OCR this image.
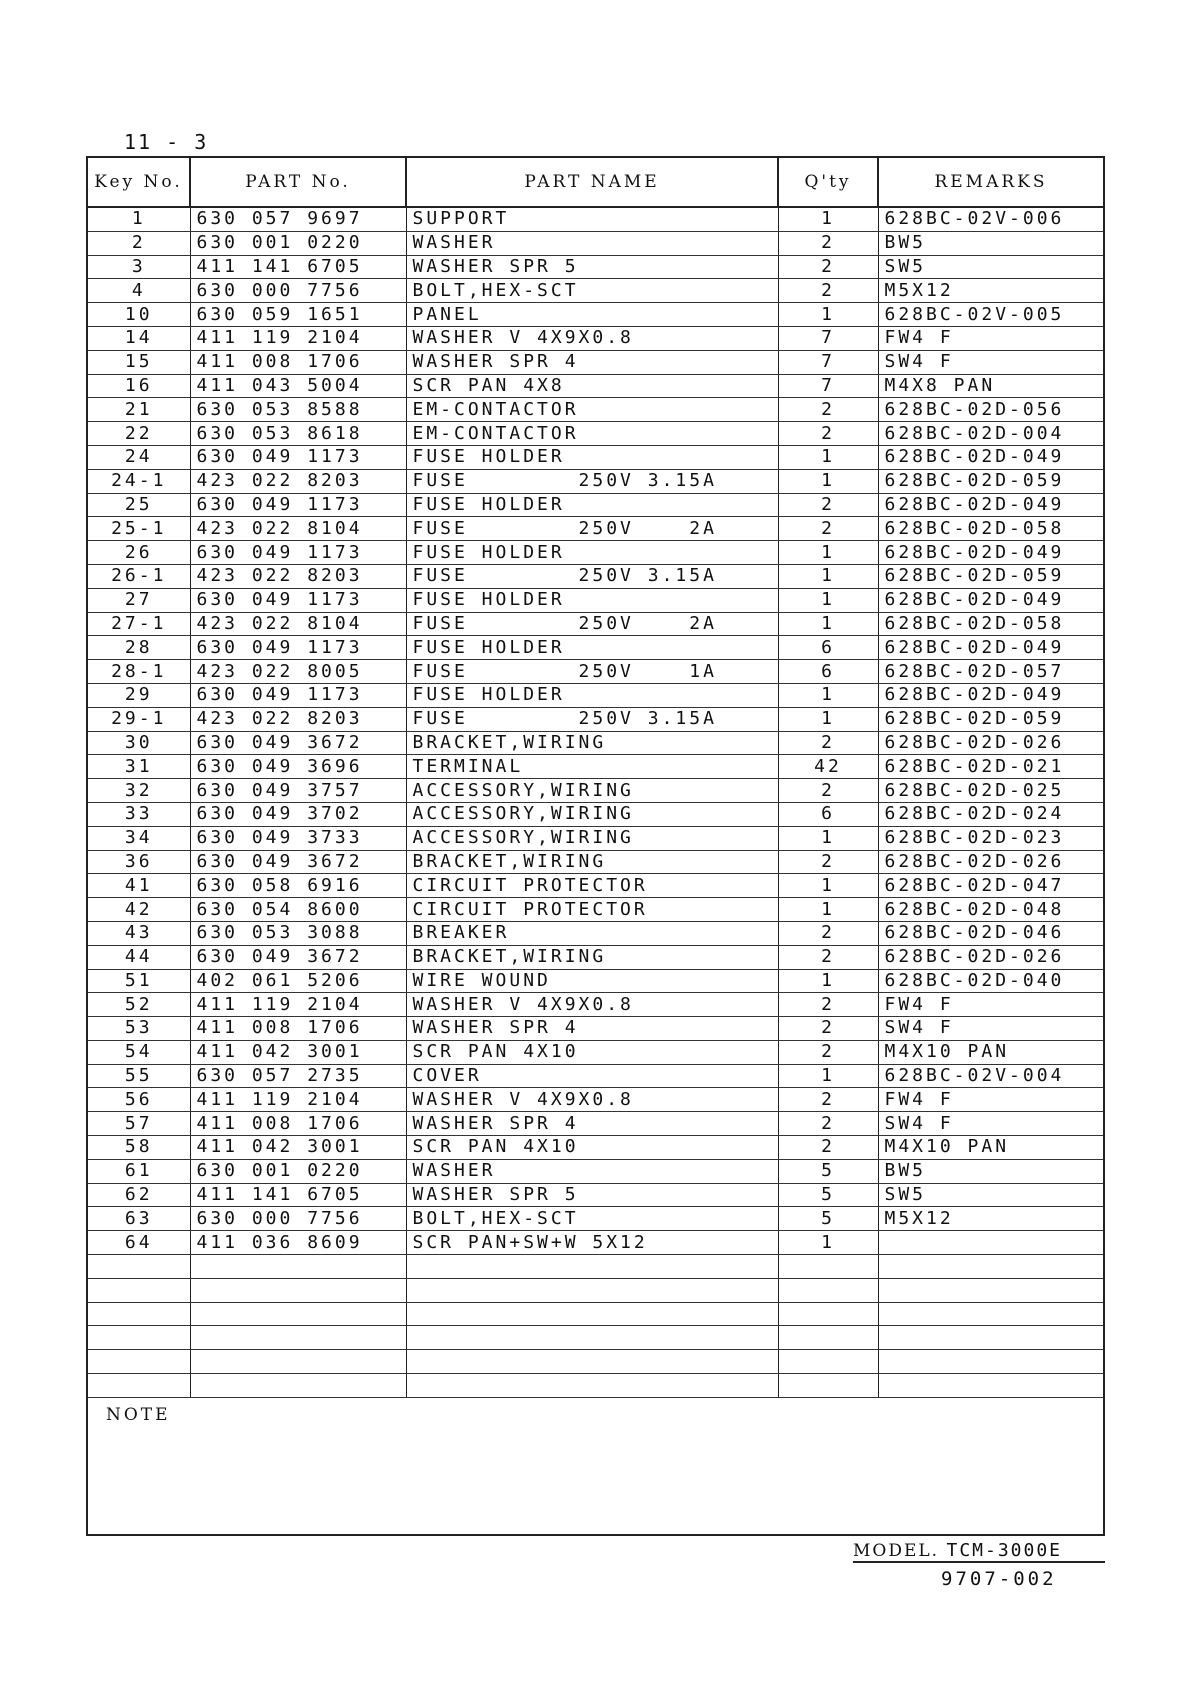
11 - 3
Key No.	PART No.	PART NAME	Q'ty	REMARKS
1	630 057 9697	SUPPORT	1	628BC-02V-006
2	630 001 0220	WASHER	2	BW5
3	411 141 6705	WASHER SPR 5	2	SW5
4	630 000 7756	BOLT,HEX-SCT	2	M5X12
10	630 059 1651	PANEL	1	628BC-02V-005
14	411 119 2104	WASHER V 4X9X0.8	7	FW4 F
15	411 008 1706	WASHER SPR 4	7	SW4 F
16	411 043 5004	SCR PAN 4X8	7	M4X8 PAN
21	630 053 8588	EM-CONTACTOR	2	628BC-02D-056
22	630 053 8618	EM-CONTACTOR	2	628BC-02D-004
24	630 049 1173	FUSE HOLDER	1	628BC-02D-049
24-1	423 022 8203	FUSE        250V 3.15A	1	628BC-02D-059
25	630 049 1173	FUSE HOLDER	2	628BC-02D-049
25-1	423 022 8104	FUSE        250V    2A	2	628BC-02D-058
26	630 049 1173	FUSE HOLDER	1	628BC-02D-049
26-1	423 022 8203	FUSE        250V 3.15A	1	628BC-02D-059
27	630 049 1173	FUSE HOLDER	1	628BC-02D-049
27-1	423 022 8104	FUSE        250V    2A	1	628BC-02D-058
28	630 049 1173	FUSE HOLDER	6	628BC-02D-049
28-1	423 022 8005	FUSE        250V    1A	6	628BC-02D-057
29	630 049 1173	FUSE HOLDER	1	628BC-02D-049
29-1	423 022 8203	FUSE        250V 3.15A	1	628BC-02D-059
30	630 049 3672	BRACKET,WIRING	2	628BC-02D-026
31	630 049 3696	TERMINAL	42	628BC-02D-021
32	630 049 3757	ACCESSORY,WIRING	2	628BC-02D-025
33	630 049 3702	ACCESSORY,WIRING	6	628BC-02D-024
34	630 049 3733	ACCESSORY,WIRING	1	628BC-02D-023
36	630 049 3672	BRACKET,WIRING	2	628BC-02D-026
41	630 058 6916	CIRCUIT PROTECTOR	1	628BC-02D-047
42	630 054 8600	CIRCUIT PROTECTOR	1	628BC-02D-048
43	630 053 3088	BREAKER	2	628BC-02D-046
44	630 049 3672	BRACKET,WIRING	2	628BC-02D-026
51	402 061 5206	WIRE WOUND	1	628BC-02D-040
52	411 119 2104	WASHER V 4X9X0.8	2	FW4 F
53	411 008 1706	WASHER SPR 4	2	SW4 F
54	411 042 3001	SCR PAN 4X10	2	M4X10 PAN
55	630 057 2735	COVER	1	628BC-02V-004
56	411 119 2104	WASHER V 4X9X0.8	2	FW4 F
57	411 008 1706	WASHER SPR 4	2	SW4 F
58	411 042 3001	SCR PAN 4X10	2	M4X10 PAN
61	630 001 0220	WASHER	5	BW5
62	411 141 6705	WASHER SPR 5	5	SW5
63	630 000 7756	BOLT,HEX-SCT	5	M5X12
64	411 036 8609	SCR PAN+SW+W 5X12	1	

NOTE
MODEL. TCM-3000E
9707-002
